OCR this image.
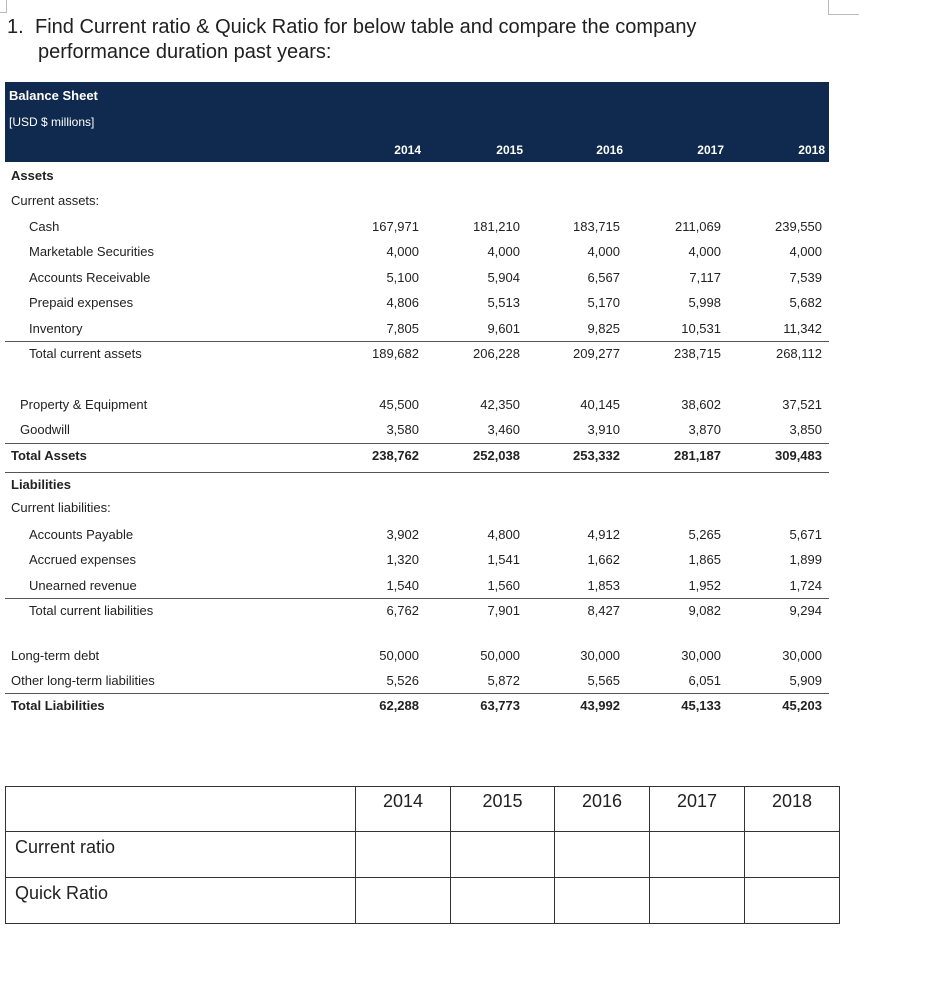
1. Find Current ratio & Quick Ratio for below table and compare the company
performance duration past years:
Balance Sheet
[USD $ millions]
2014	2015	2016	2017	2018
Assets
Current assets:
Cash	167,971	181,210	183,715	211,069	239,550
Marketable Securities	4,000	4,000	4,000	4,000	4,000
Accounts Receivable	5,100	5,904	6,567	7,117	7,539
Prepaid expenses	4,806	5,513	5,170	5,998	5,682
Inventory	7,805	9,601	9,825	10,531	11,342
Total current assets	189,682	206,228	209,277	238,715	268,112
Property & Equipment	45,500	42,350	40,145	38,602	37,521
Goodwill	3,580	3,460	3,910	3,870	3,850
Total Assets	238,762	252,038	253,332	281,187	309,483
Liabilities
Current liabilities:
Accounts Payable	3,902	4,800	4,912	5,265	5,671
Accrued expenses	1,320	1,541	1,662	1,865	1,899
Unearned revenue	1,540	1,560	1,853	1,952	1,724
Total current liabilities	6,762	7,901	8,427	9,082	9,294
Long-term debt	50,000	50,000	30,000	30,000	30,000
Other long-term liabilities	5,526	5,872	5,565	6,051	5,909
Total Liabilities	62,288	63,773	43,992	45,133	45,203
	2014	2015	2016	2017	2018
Current ratio					
Quick Ratio					
